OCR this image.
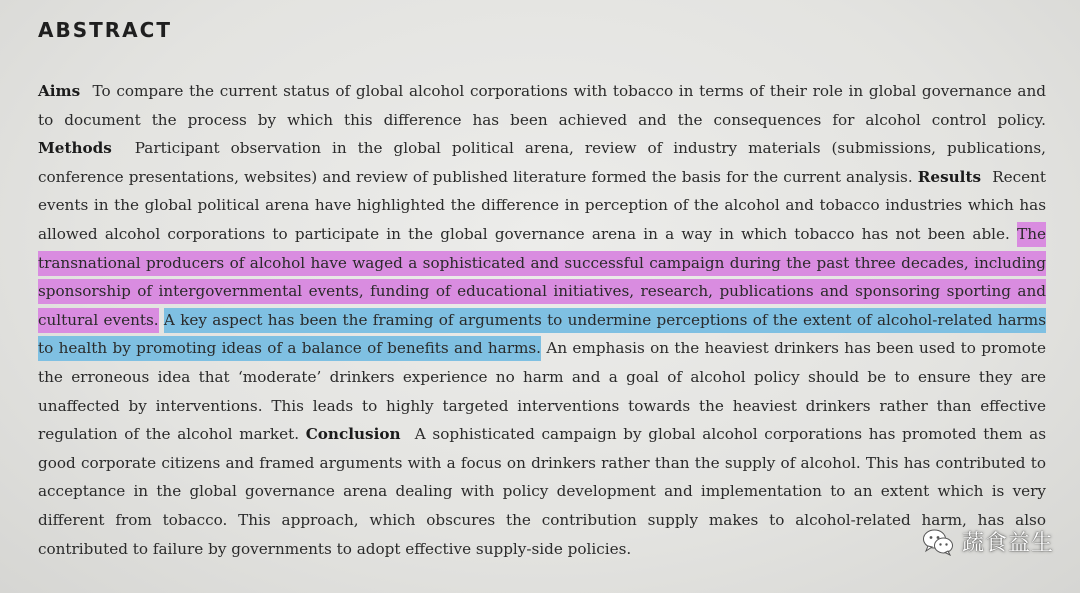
ABSTRACT

Aims To compare the current status of global alcohol corporations with tobacco in terms of their role in global governance and to document the process by which this difference has been achieved and the consequences for alcohol control policy. Methods Participant observation in the global political arena, review of industry materials (submissions, publications, conference presentations, websites) and review of published literature formed the basis for the current analysis. Results Recent events in the global political arena have highlighted the difference in perception of the alcohol and tobacco industries which has allowed alcohol corporations to participate in the global governance arena in a way in which tobacco has not been able. The transnational producers of alcohol have waged a sophisticated and successful campaign during the past three decades, including sponsorship of intergovernmental events, funding of educational initiatives, research, publications and sponsoring sporting and cultural events. A key aspect has been the framing of arguments to undermine perceptions of the extent of alcohol-related harms to health by promoting ideas of a balance of benefits and harms. An emphasis on the heaviest drinkers has been used to promote the erroneous idea that ‘moderate’ drinkers experience no harm and a goal of alcohol policy should be to ensure they are unaffected by interventions. This leads to highly targeted interventions towards the heaviest drinkers rather than effective regulation of the alcohol market. Conclusion A sophisticated campaign by global alcohol corporations has promoted them as good corporate citizens and framed arguments with a focus on drinkers rather than the supply of alcohol. This has contributed to acceptance in the global governance arena dealing with policy development and implementation to an extent which is very different from tobacco. This approach, which obscures the contribution supply makes to alcohol-related harm, has also contributed to failure by governments to adopt effective supply-side policies.	蔬食益生
